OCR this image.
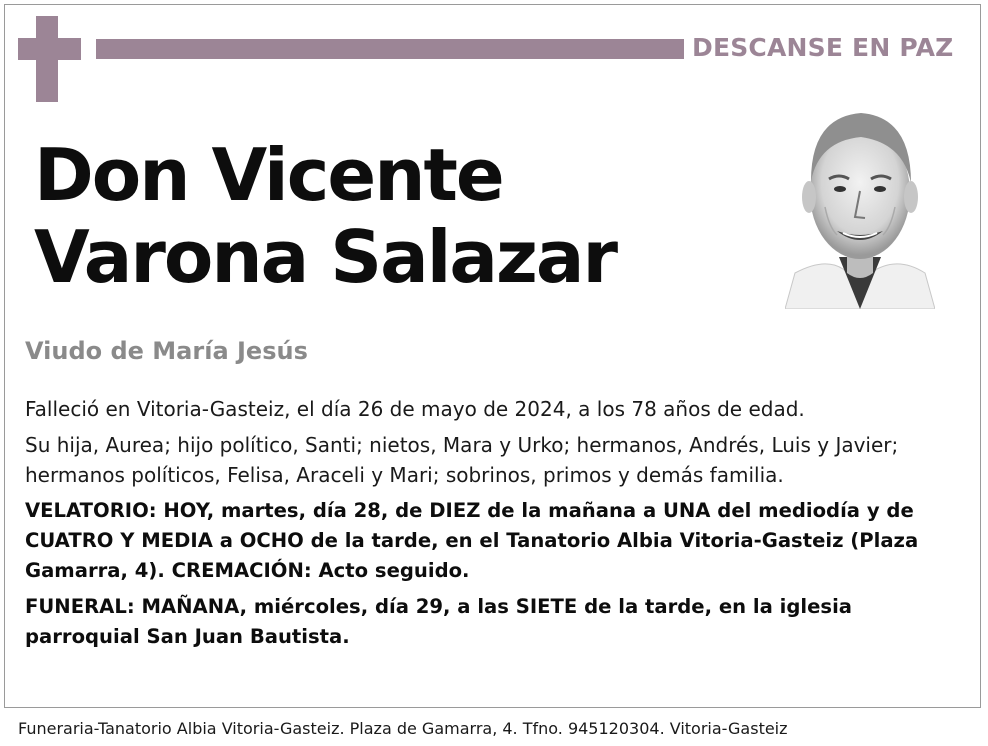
DESCANSE EN PAZ
Don Vicente
Varona Salazar
Viudo de María Jesús

Falleció en Vitoria-Gasteiz, el día 26 de mayo de 2024, a los 78 años de edad.

Su hija, Aurea; hijo político, Santi; nietos, Mara y Urko; hermanos, Andrés, Luis y Javier; hermanos políticos, Felisa, Araceli y Mari; sobrinos, primos y demás familia.

VELATORIO: HOY, martes, día 28, de DIEZ de la mañana a UNA del mediodía y de CUATRO Y MEDIA a OCHO de la tarde, en el Tanatorio Albia Vitoria-Gasteiz (Plaza Gamarra, 4). CREMACIÓN: Acto seguido.

FUNERAL: MAÑANA, miércoles, día 29, a las SIETE de la tarde, en la iglesia parroquial San Juan Bautista.

Funeraria-Tanatorio Albia Vitoria-Gasteiz. Plaza de Gamarra, 4. Tfno. 945120304. Vitoria-Gasteiz
